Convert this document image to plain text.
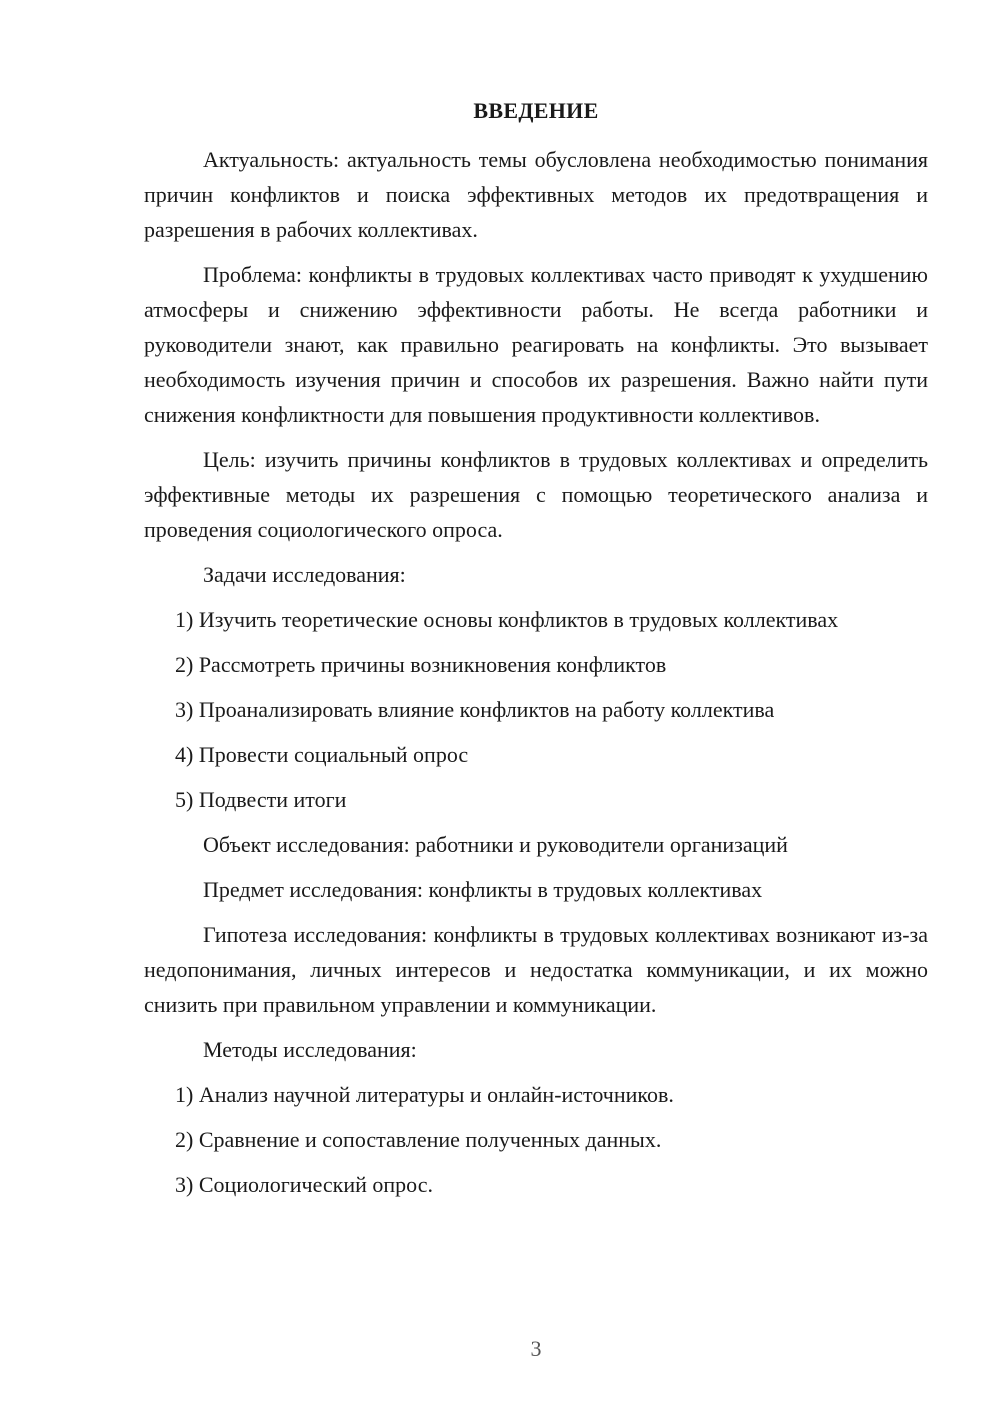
ВВЕДЕНИЕ

Актуальность: актуальность темы обусловлена необходимостью понимания причин конфликтов и поиска эффективных методов их предотвращения и разрешения в рабочих коллективах.

Проблема: конфликты в трудовых коллективах часто приводят к ухудшению атмосферы и снижению эффективности работы. Не всегда работники и руководители знают, как правильно реагировать на конфликты. Это вызывает необходимость изучения причин и способов их разрешения. Важно найти пути снижения конфликтности для повышения продуктивности коллективов.

Цель: изучить причины конфликтов в трудовых коллективах и определить эффективные методы их разрешения с помощью теоретического анализа и проведения социологического опроса.

Задачи исследования:

1) Изучить теоретические основы конфликтов в трудовых коллективах

2) Рассмотреть причины возникновения конфликтов

3) Проанализировать влияние конфликтов на работу коллектива

4) Провести социальный опрос

5) Подвести итоги

Объект исследования: работники и руководители организаций

Предмет исследования: конфликты в трудовых коллективах

Гипотеза исследования: конфликты в трудовых коллективах возникают из-за недопонимания, личных интересов и недостатка коммуникации, и их можно снизить при правильном управлении и коммуникации.

Методы исследования:

1) Анализ научной литературы и онлайн-источников.

2) Сравнение и сопоставление полученных данных.

3) Социологический опрос.

3
